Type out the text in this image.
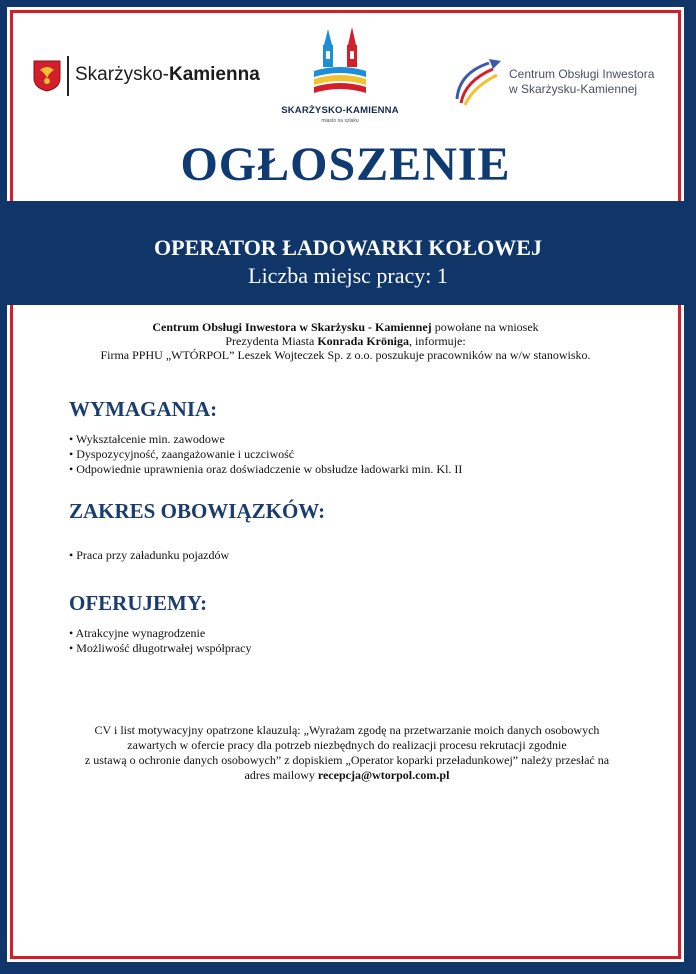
Skarżysko-Kamienna
SKARŻYSKO-KAMIENNA
miasto na szlaku
Centrum Obsługi Inwestora
w Skarżysku-Kamiennej
OGŁOSZENIE
OPERATOR ŁADOWARKI KOŁOWEJ
Liczba miejsc pracy: 1
Centrum Obsługi Inwestora w Skarżysku - Kamiennej powołane na wniosek
Prezydenta Miasta Konrada Kröniga, informuje:
Firma PPHU „WTÓRPOL” Leszek Wojteczek Sp. z o.o. poszukuje pracowników na w/w stanowisko.
WYMAGANIA:
• Wykształcenie min. zawodowe
• Dyspozycyjność, zaangażowanie i uczciwość
• Odpowiednie uprawnienia oraz doświadczenie w obsłudze ładowarki min. Kl. II
ZAKRES OBOWIĄZKÓW:
• Praca przy załadunku pojazdów
OFERUJEMY:
• Atrakcyjne wynagrodzenie
• Możliwość długotrwałej współpracy
CV i list motywacyjny opatrzone klauzulą: „Wyrażam zgodę na przetwarzanie moich danych osobowych
zawartych w ofercie pracy dla potrzeb niezbędnych do realizacji procesu rekrutacji zgodnie
z ustawą o ochronie danych osobowych” z dopiskiem „Operator koparki przeładunkowej” należy przesłać na
adres mailowy recepcja@wtorpol.com.pl
